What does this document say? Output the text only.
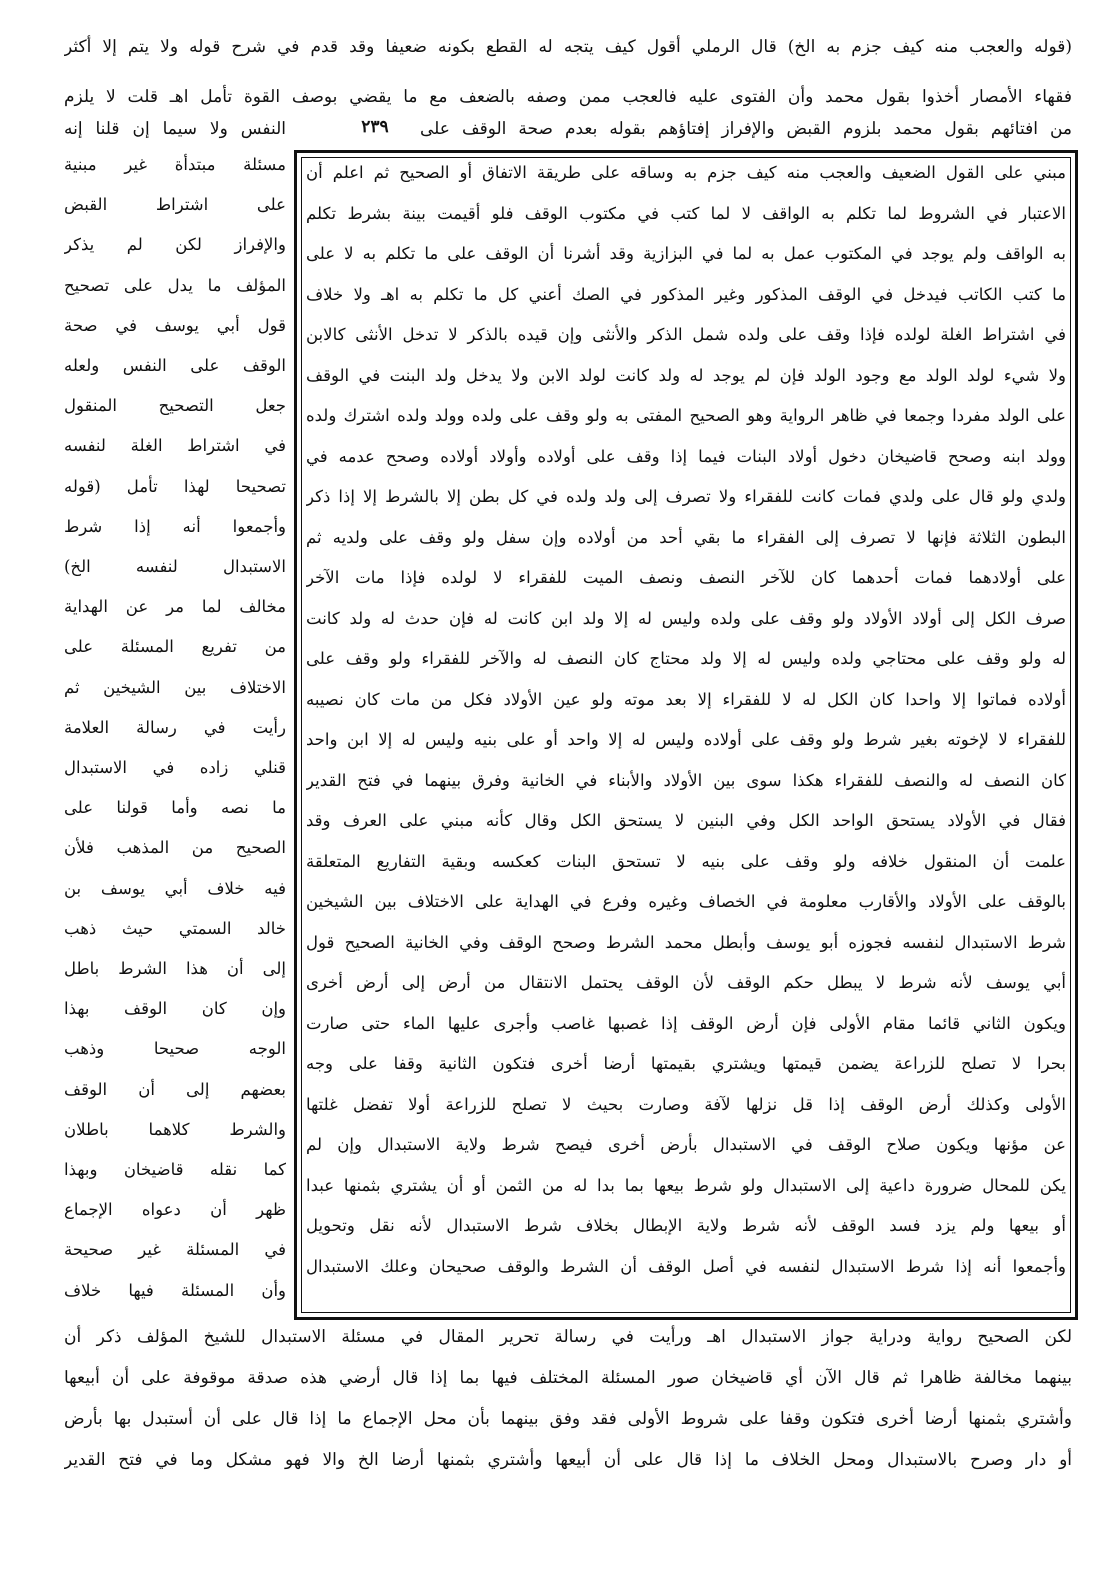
(قوله والعجب منه كيف جزم به الخ) قال الرملي أقول كيف يتجه له القطع بكونه ضعيفا وقد قدم في شرح قوله ولا يتم إلا أكثر
فقهاء الأمصار أخذوا بقول محمد وأن الفتوى عليه فالعجب ممن وصفه بالضعف مع ما يقضي بوصف القوة تأمل اهـ قلت لا يلزم
من افتائهم بقول محمد بلزوم القبض والإفراز إفتاؤهم بقوله بعدم صحة الوقف على
٢٣٩
النفس ولا سيما إن قلنا إنه
مبني على القول الضعيف والعجب منه كيف جزم به وساقه على طريقة الاتفاق أو الصحيح ثم اعلم أن
الاعتبار في الشروط لما تكلم به الواقف لا لما كتب في مكتوب الوقف فلو أقيمت بينة بشرط تكلم
به الواقف ولم يوجد في المكتوب عمل به لما في البزازية وقد أشرنا أن الوقف على ما تكلم به لا على
ما كتب الكاتب فيدخل في الوقف المذكور وغير المذكور في الصك أعني كل ما تكلم به اهـ ولا خلاف
في اشتراط الغلة لولده فإذا وقف على ولده شمل الذكر والأنثى وإن قيده بالذكر لا تدخل الأنثى كالابن
ولا شيء لولد الولد مع وجود الولد فإن لم يوجد له ولد كانت لولد الابن ولا يدخل ولد البنت في الوقف
على الولد مفردا وجمعا في ظاهر الرواية وهو الصحيح المفتى به ولو وقف على ولده وولد ولده اشترك ولده
وولد ابنه وصحح قاضيخان دخول أولاد البنات فيما إذا وقف على أولاده وأولاد أولاده وصحح عدمه في
ولدي ولو قال على ولدي فمات كانت للفقراء ولا تصرف إلى ولد ولده في كل بطن إلا بالشرط إلا إذا ذكر
البطون الثلاثة فإنها لا تصرف إلى الفقراء ما بقي أحد من أولاده وإن سفل ولو وقف على ولديه ثم
على أولادهما فمات أحدهما كان للآخر النصف ونصف الميت للفقراء لا لولده فإذا مات الآخر
صرف الكل إلى أولاد الأولاد ولو وقف على ولده وليس له إلا ولد ابن كانت له فإن حدث له ولد كانت
له ولو وقف على محتاجي ولده وليس له إلا ولد محتاج كان النصف له والآخر للفقراء ولو وقف على
أولاده فماتوا إلا واحدا كان الكل له لا للفقراء إلا بعد موته ولو عين الأولاد فكل من مات كان نصيبه
للفقراء لا لإخوته بغير شرط ولو وقف على أولاده وليس له إلا واحد أو على بنيه وليس له إلا ابن واحد
كان النصف له والنصف للفقراء هكذا سوى بين الأولاد والأبناء في الخانية وفرق بينهما في فتح القدير
فقال في الأولاد يستحق الواحد الكل وفي البنين لا يستحق الكل وقال كأنه مبني على العرف وقد
علمت أن المنقول خلافه ولو وقف على بنيه لا تستحق البنات كعكسه وبقية التفاريع المتعلقة
بالوقف على الأولاد والأقارب معلومة في الخصاف وغيره وفرع في الهداية على الاختلاف بين الشيخين
شرط الاستبدال لنفسه فجوزه أبو يوسف وأبطل محمد الشرط وصحح الوقف وفي الخانية الصحيح قول
أبي يوسف لأنه شرط لا يبطل حكم الوقف لأن الوقف يحتمل الانتقال من أرض إلى أرض أخرى
ويكون الثاني قائما مقام الأولى فإن أرض الوقف إذا غصبها غاصب وأجرى عليها الماء حتى صارت
بحرا لا تصلح للزراعة يضمن قيمتها ويشتري بقيمتها أرضا أخرى فتكون الثانية وقفا على وجه
الأولى وكذلك أرض الوقف إذا قل نزلها لآفة وصارت بحيث لا تصلح للزراعة أولا تفضل غلتها
عن مؤنها ويكون صلاح الوقف في الاستبدال بأرض أخرى فيصح شرط ولاية الاستبدال وإن لم
يكن للمحال ضرورة داعية إلى الاستبدال ولو شرط بيعها بما بدا له من الثمن أو أن يشتري بثمنها عبدا
أو بيعها ولم يزد فسد الوقف لأنه شرط ولاية الإبطال بخلاف شرط الاستبدال لأنه نقل وتحويل
وأجمعوا أنه إذا شرط الاستبدال لنفسه في أصل الوقف أن الشرط والوقف صحيحان وعلك الاستبدال
مسئلة مبتدأة غير مبنية
على اشتراط القبض
والإفراز لكن لم يذكر
المؤلف ما يدل على تصحيح
قول أبي يوسف في صحة
الوقف على النفس ولعله
جعل التصحيح المنقول
في اشتراط الغلة لنفسه
تصحيحا لهذا تأمل (قوله
وأجمعوا أنه إذا شرط
الاستبدال لنفسه الخ)
مخالف لما مر عن الهداية
من تفريع المسئلة على
الاختلاف بين الشيخين ثم
رأيت في رسالة العلامة
قنلي زاده في الاستبدال
ما نصه وأما قولنا على
الصحيح من المذهب فلأن
فيه خلاف أبي يوسف بن
خالد السمتي حيث ذهب
إلى أن هذا الشرط باطل
وإن كان الوقف بهذا
الوجه صحيحا وذهب
بعضهم إلى أن الوقف
والشرط كلاهما باطلان
كما نقله قاضيخان وبهذا
ظهر أن دعواه الإجماع
في المسئلة غير صحيحة
وأن المسئلة فيها خلاف
لكن الصحيح رواية ودراية جواز الاستبدال اهـ ورأيت في رسالة تحرير المقال في مسئلة الاستبدال للشيخ المؤلف ذكر أن
بينهما مخالفة ظاهرا ثم قال الآن أي قاضيخان صور المسئلة المختلف فيها بما إذا قال أرضي هذه صدقة موقوفة على أن أبيعها
وأشتري بثمنها أرضا أخرى فتكون وقفا على شروط الأولى فقد وفق بينهما بأن محل الإجماع ما إذا قال على أن أستبدل بها بأرض
أو دار وصرح بالاستبدال ومحل الخلاف ما إذا قال على أن أبيعها وأشتري بثمنها أرضا الخ والا فهو مشكل وما في فتح القدير
